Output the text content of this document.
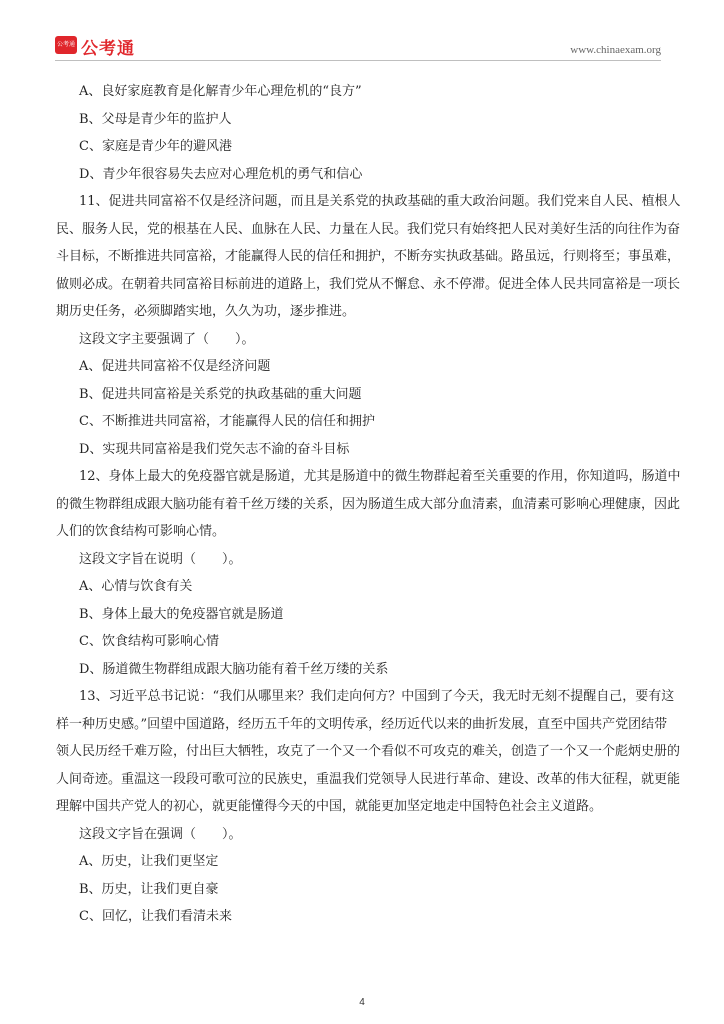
公考通 公考通	www.chinaexam.org

A、良好家庭教育是化解青少年心理危机的“良方”

B、父母是青少年的监护人

C、家庭是青少年的避风港

D、青少年很容易失去应对心理危机的勇气和信心

11、促进共同富裕不仅是经济问题，而且是关系党的执政基础的重大政治问题。我们党来自人民、植根人

民、服务人民，党的根基在人民、血脉在人民、力量在人民。我们党只有始终把人民对美好生活的向往作为奋

斗目标，不断推进共同富裕，才能赢得人民的信任和拥护，不断夯实执政基础。路虽远，行则将至；事虽难，

做则必成。在朝着共同富裕目标前进的道路上，我们党从不懈怠、永不停滞。促进全体人民共同富裕是一项长

期历史任务，必须脚踏实地，久久为功，逐步推进。

这段文字主要强调了（　　）。

A、促进共同富裕不仅是经济问题

B、促进共同富裕是关系党的执政基础的重大问题

C、不断推进共同富裕，才能赢得人民的信任和拥护

D、实现共同富裕是我们党矢志不渝的奋斗目标

12、身体上最大的免疫器官就是肠道，尤其是肠道中的微生物群起着至关重要的作用，你知道吗，肠道中

的微生物群组成跟大脑功能有着千丝万缕的关系，因为肠道生成大部分血清素，血清素可影响心理健康，因此

人们的饮食结构可影响心情。

这段文字旨在说明（　　）。

A、心情与饮食有关

B、身体上最大的免疫器官就是肠道

C、饮食结构可影响心情

D、肠道微生物群组成跟大脑功能有着千丝万缕的关系

13、习近平总书记说：“我们从哪里来？我们走向何方？中国到了今天，我无时无刻不提醒自己，要有这

样一种历史感。”回望中国道路，经历五千年的文明传承，经历近代以来的曲折发展，直至中国共产党团结带

领人民历经千难万险，付出巨大牺牲，攻克了一个又一个看似不可攻克的难关，创造了一个又一个彪炳史册的

人间奇迹。重温这一段段可歌可泣的民族史，重温我们党领导人民进行革命、建设、改革的伟大征程，就更能

理解中国共产党人的初心，就更能懂得今天的中国，就能更加坚定地走中国特色社会主义道路。

这段文字旨在强调（　　）。

A、历史，让我们更坚定

B、历史，让我们更自豪

C、回忆，让我们看清未来

4
